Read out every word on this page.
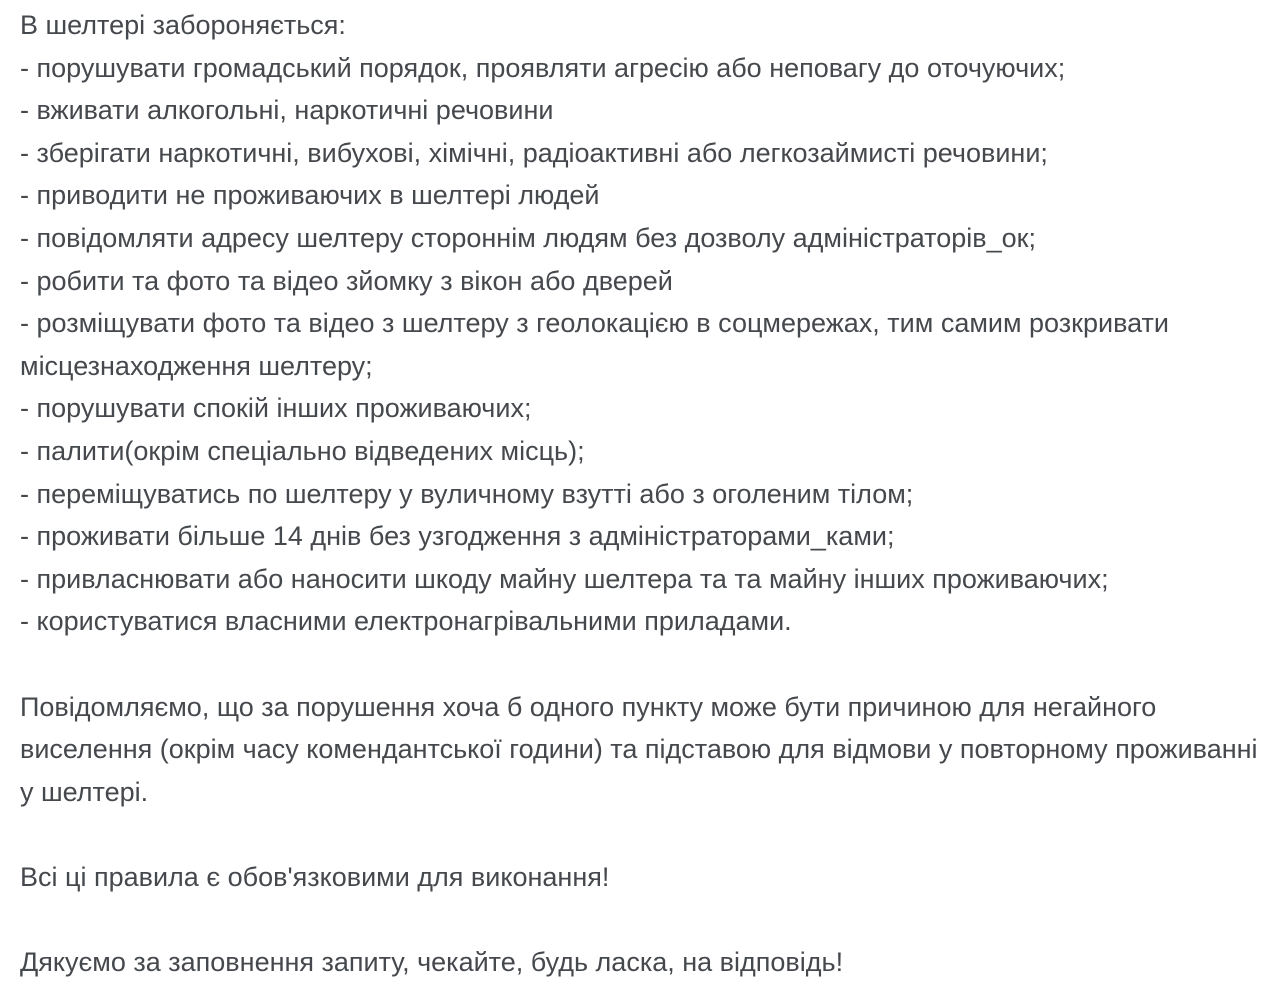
В шелтері забороняється:

- порушувати громадський порядок, проявляти агресію або неповагу до оточуючих;

- вживати алкогольні, наркотичні речовини

- зберігати наркотичні, вибухові, хімічні, радіоактивні або легкозаймисті речовини;

- приводити не проживаючих в шелтері людей

- повідомляти адресу шелтеру стороннім людям без дозволу адміністраторів_ок;

- робити та фото та відео зйомку з вікон або дверей

- розміщувати фото та відео з шелтеру з геолокацією в соцмережах, тим самим розкривати місцезнаходження шелтеру;

- порушувати спокій інших проживаючих;

- палити(окрім спеціально відведених місць);

- переміщуватись по шелтеру у вуличному взутті або з оголеним тілом;

- проживати більше 14 днів без узгодження з адміністраторами_ками;

- привласнювати або наносити шкоду майну шелтера та та майну інших проживаючих;

- користуватися власними електронагрівальними приладами.

Повідомляємо, що за порушення хоча б одного пункту може бути причиною для негайного виселення (окрім часу комендантської години) та підставою для відмови у повторному проживанні у шелтері.

Всі ці правила є обов'язковими для виконання!

Дякуємо за заповнення запиту, чекайте, будь ласка, на відповідь!
